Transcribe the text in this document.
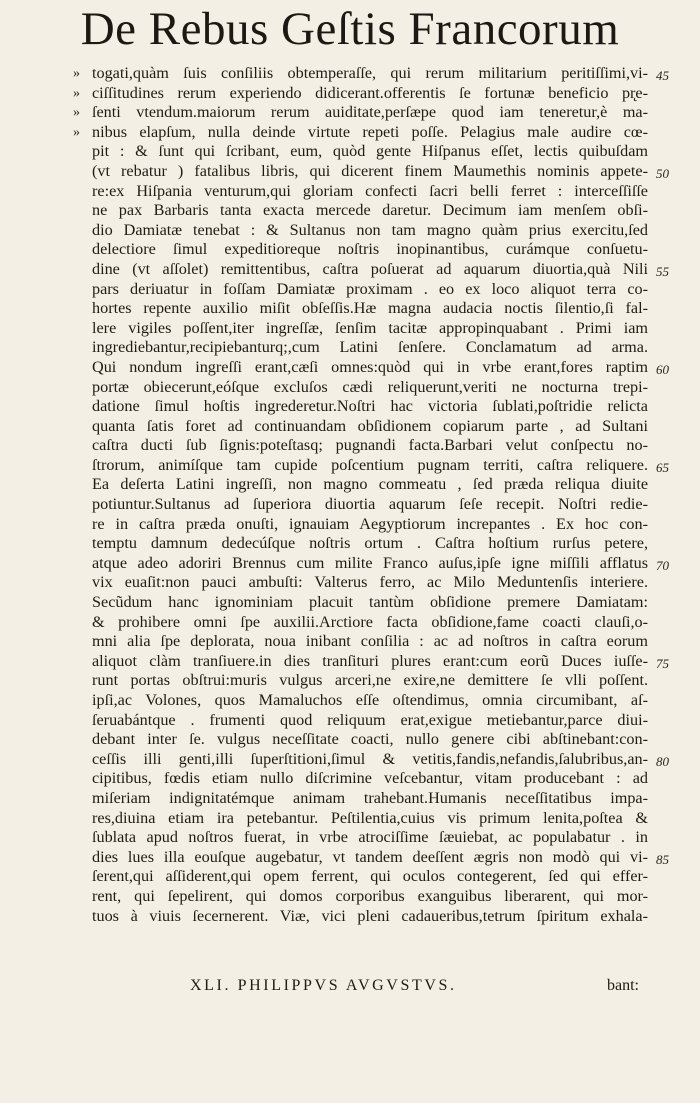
De Rebus Geſtis Francorum
» togati,quàm ſuis conſiliis obtemperaſſe, qui rerum militarium peritiſſimi,vi- 45
» ciſſitudines rerum experiendo didicerant.offerentis ſe fortunæ beneficio pr̨e-
» ſenti vtendum.maiorum rerum auiditate,perſæpe quod iam teneretur,è ma-
» nibus elapſum, nulla deinde virtute repeti poſſe. Pelagius male audire cœ-
pit : & ſunt qui ſcribant, eum, quòd gente Hiſpanus eſſet, lectis quibuſdam
(vt rebatur ) fatalibus libris, qui dicerent finem Maumethis nominis appete- 50
re:ex Hiſpania venturum,qui gloriam confecti ſacri belli ferret : interceſſiſſe
ne pax Barbaris tanta exacta mercede daretur. Decimum iam menſem obſi-
dio Damiatæ tenebat : & Sultanus non tam magno quàm prius exercitu,ſed
delectiore ſimul expeditioreque noſtris inopinantibus, curámque conſuetu-
dine (vt aſſolet) remittentibus, caſtra poſuerat ad aquarum diuortia,quà Nili 55
pars deriuatur in foſſam Damiatæ proximam . eo ex loco aliquot terra co-
hortes repente auxilio miſit obſeſſis.Hæ magna audacia noctis ſilentio,ſi fal-
lere vigiles poſſent,iter ingreſſæ, ſenſim tacitæ appropinquabant . Primi iam
ingrediebantur,recipiebanturq;,cum Latini ſenſere. Conclamatum ad arma.
Qui nondum ingreſſi erant,cæſi omnes:quòd qui in vrbe erant,fores raptim 60
portæ obiecerunt,eóſque excluſos cædi reliquerunt,veriti ne nocturna trepi-
datione ſimul hoſtis ingrederetur.Noſtri hac victoria ſublati,poſtridie relicta
quanta ſatis foret ad continuandam obſidionem copiarum parte , ad Sultani
caſtra ducti ſub ſignis:poteſtasq; pugnandi facta.Barbari velut conſpectu no-
ſtrorum, animíſque tam cupide poſcentium pugnam territi, caſtra reliquere. 65
Ea deſerta Latini ingreſſi, non magno commeatu , ſed præda reliqua diuite
potiuntur.Sultanus ad ſuperiora diuortia aquarum ſeſe recepit. Noſtri redie-
re in caſtra præda onuſti, ignauiam Aegyptiorum increpantes . Ex hoc con-
temptu damnum dedecúſque noſtris ortum . Caſtra hoſtium rurſus petere,
atque adeo adoriri Brennus cum milite Franco auſus,ipſe igne miſſili afflatus 70
vix euaſit:non pauci ambuſti: Valterus ferro, ac Milo Meduntenſis interiere.
Secũdum hanc ignominiam placuit tantùm obſidione premere Damiatam:
& prohibere omni ſpe auxilii.Arctiore facta obſidione,fame coacti clauſi,o-
mni alia ſpe deplorata, noua inibant conſilia : ac ad noſtros in caſtra eorum
aliquot clàm tranſiuere.in dies tranſituri plures erant:cum eorũ Duces iuſſe- 75
runt portas obſtrui:muris vulgus arceri,ne exire,ne demittere ſe vlli poſſent.
ipſi,ac Volones, quos Mamaluchos eſſe oſtendimus, omnia circumibant, aſ-
ſeruabántque . frumenti quod reliquum erat,exigue metiebantur,parce diui-
debant inter ſe. vulgus neceſſitate coacti, nullo genere cibi abſtinebant:con-
ceſſis illi genti,illi ſuperſtitioni,ſimul & vetitis,fandis,nefandis,ſalubribus,an- 80
cipitibus, fœdis etiam nullo diſcrimine veſcebantur, vitam producebant : ad
miſeriam indignitatémque animam trahebant.Humanis neceſſitatibus impa-
res,diuina etiam ira petebantur. Peſtilentia,cuius vis primum lenita,poſtea &
ſublata apud noſtros fuerat, in vrbe atrociſſime ſæuiebat, ac populabatur . in
dies lues illa eouſque augebatur, vt tandem deeſſent ægris non modò qui vi- 85
ſerent,qui aſſiderent,qui opem ferrent, qui oculos contegerent, ſed qui effer-
rent, qui ſepelirent, qui domos corporibus exanguibus liberarent, qui mor-
tuos à viuis ſecernerent. Viæ, vici pleni cadaueribus,tetrum ſpiritum exhala-
XLI. PHILIPPVS AVGVSTVS.	bant:
